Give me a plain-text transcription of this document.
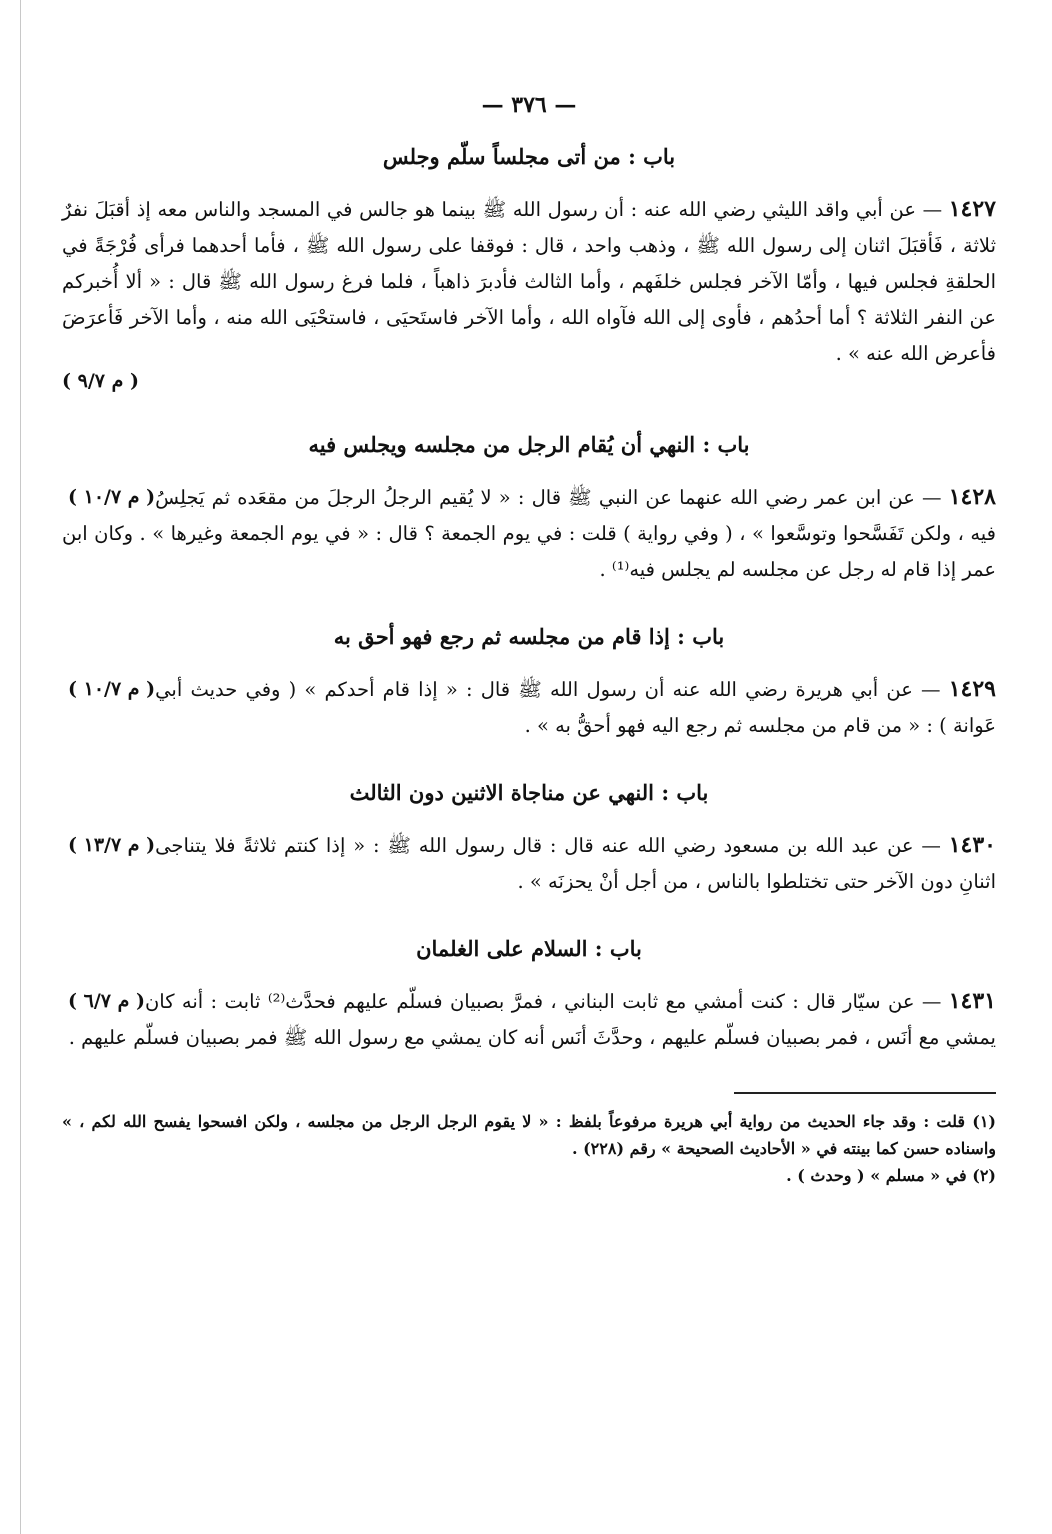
— ٣٧٦ —
باب : من أتى مجلساً سلّم وجلس

١٤٢٧ — عن أبي واقد الليثي رضي الله عنه : أن رسول الله ﷺ بينما هو جالس في المسجد والناس معه إذ أقبَلَ نفرٌ ثلاثة ، فَأقبَلَ اثنان إلى رسول الله ﷺ ، وذهب واحد ، قال : فوقفا على رسول الله ﷺ ، فأما أحدهما فرأى فُرْجَةً في الحلقةِ فجلس فيها ، وأمّا الآخر فجلس خلفَهم ، وأما الثالث فأدبرَ ذاهباً ، فلما فرغ رسول الله ﷺ قال : « ألا أُخبركم عن النفر الثلاثة ؟ أما أحدُهم ، فأوى إلى الله فآواه الله ، وأما الآخر فاستَحيَى ، فاستحْيَى الله منه ، وأما الآخر فَأعرَضَ فأعرض الله عنه » .

( م ٩/٧ )
باب : النهي أن يُقام الرجل من مجلسه ويجلس فيه

( م ١٠/٧ )	١٤٢٨ — عن ابن عمر رضي الله عنهما عن النبي ﷺ قال : « لا يُقيم الرجلُ الرجلَ من مقعَده ثم يَجلِسُ فيه ، ولكن تَفَسَّحوا وتوسَّعوا » ، ( وفي رواية ) قلت : في يوم الجمعة ؟ قال : « في يوم الجمعة وغيرها » . وكان ابن عمر إذا قام له رجل عن مجلسه لم يجلس فيه⁽¹⁾ .

باب : إذا قام من مجلسه ثم رجع فهو أحق به

( م ١٠/٧ )	١٤٢٩ — عن أبي هريرة رضي الله عنه أن رسول الله ﷺ قال : « إذا قام أحدكم » ( وفي حديث أبي عَوانة ) : « من قام من مجلسه ثم رجع اليه فهو أحقُّ به » .

باب : النهي عن مناجاة الاثنين دون الثالث

( م ١٣/٧ )	١٤٣٠ — عن عبد الله بن مسعود رضي الله عنه قال : قال رسول الله ﷺ : « إذا كنتم ثلاثةً فلا يتناجى اثنانِ دون الآخر حتى تختلطوا بالناس ، من أجل أنْ يحزنَه » .

باب : السلام على الغلمان

( م ٦/٧ )	١٤٣١ — عن سيّار قال : كنت أمشي مع ثابت البناني ، فمرَّ بصبيان فسلّم عليهم فحدَّث⁽²⁾ ثابت : أنه كان يمشي مع أنَس ، فمر بصبيان فسلّم عليهم ، وحدَّثَ أنَس أنه كان يمشي مع رسول الله ﷺ فمر بصبيان فسلّم عليهم .

(١) قلت : وقد جاء الحديث من رواية أبي هريرة مرفوعاً بلفظ : « لا يقوم الرجل الرجل من مجلسه ، ولكن افسحوا يفسح الله لكم ، » واسناده حسن كما بينته في « الأحاديث الصحيحة » رقم (٢٢٨) .

(٢) في « مسلم » ( وحدث ) .
